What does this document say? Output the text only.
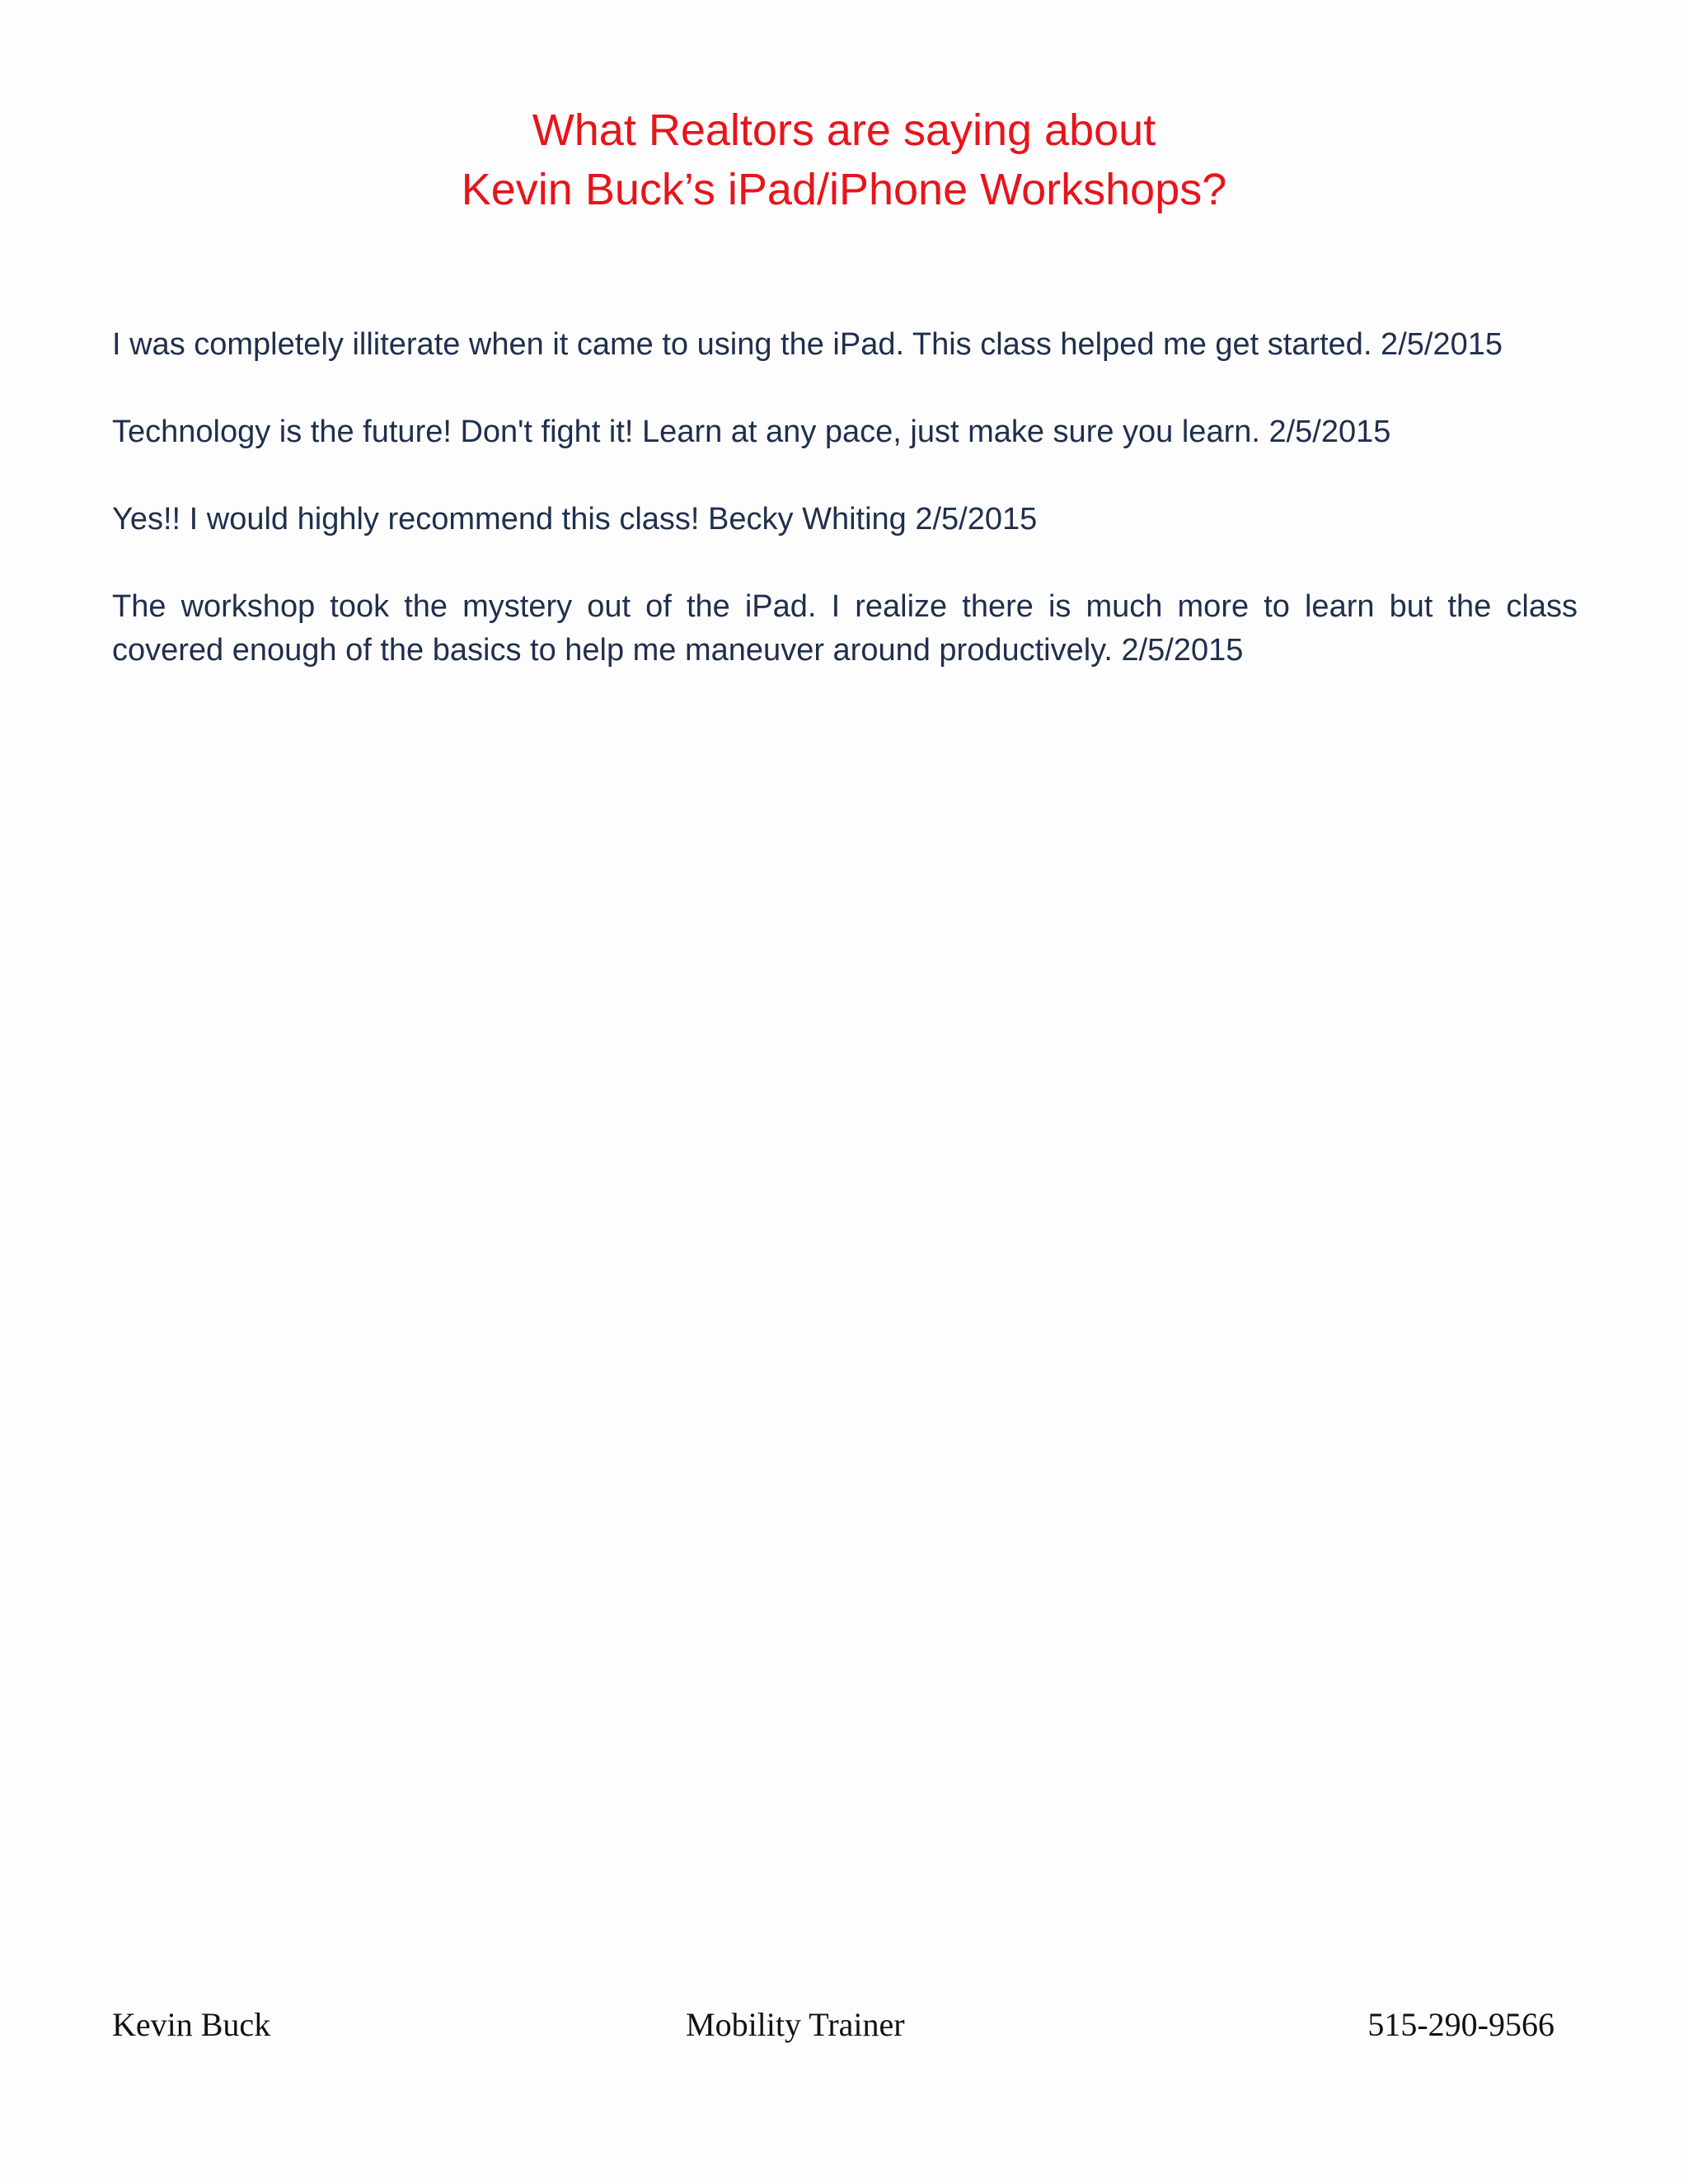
What Realtors are saying about
Kevin Buck’s iPad/iPhone Workshops?

I was completely illiterate when it came to using the iPad. This class helped me get started. 2/5/2015

Technology is the future! Don't fight it! Learn at any pace, just make sure you learn. 2/5/2015

Yes!! I would highly recommend this class! Becky Whiting 2/5/2015

The workshop took the mystery out of the iPad. I realize there is much more to learn but the class covered enough of the basics to help me maneuver around productively. 2/5/2015

Kevin Buck	Mobility Trainer	515-290-9566
